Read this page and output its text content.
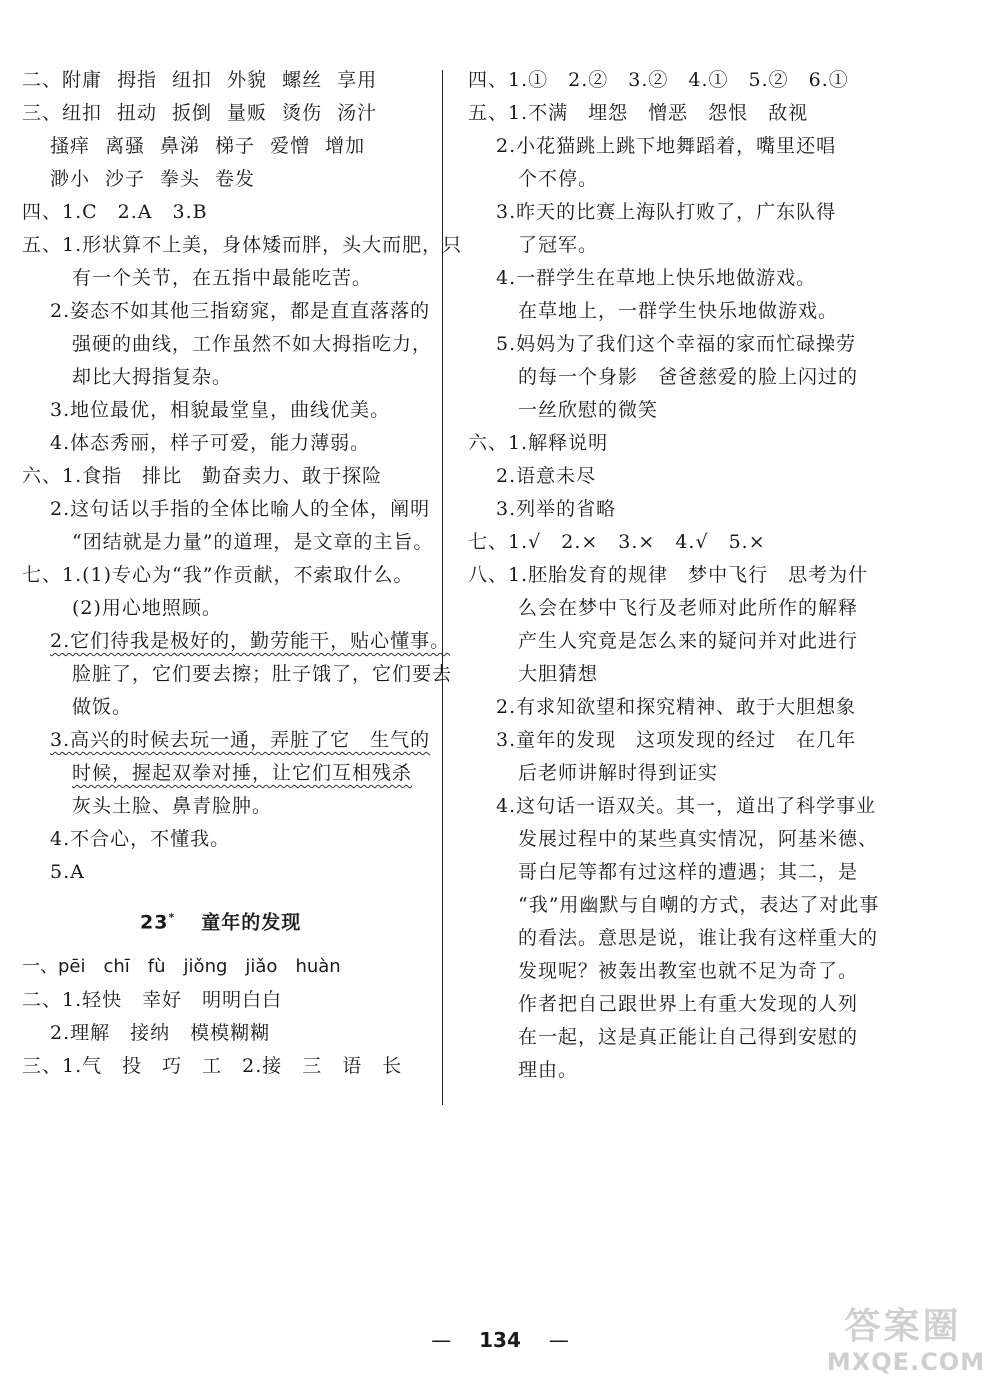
二、附庸 拇指 纽扣 外貌 螺丝 享用
三、纽扣 扭动 扳倒 量贩 烫伤 汤汁
搔痒 离骚 鼻涕 梯子 爱憎 增加
渺小 沙子 拳头 卷发
四、1.C　2.A　3.B
五、1.形状算不上美，身体矮而胖，头大而肥，只
有一个关节，在五指中最能吃苦。
2.姿态不如其他三指窈窕，都是直直落落的
强硬的曲线，工作虽然不如大拇指吃力，
却比大拇指复杂。
3.地位最优，相貌最堂皇，曲线优美。
4.体态秀丽，样子可爱，能力薄弱。
六、1.食指　排比　勤奋卖力、敢于探险
2.这句话以手指的全体比喻人的全体，阐明
“团结就是力量”的道理，是文章的主旨。
七、1.(1)专心为“我”作贡献，不索取什么。
(2)用心地照顾。
2.它们待我是极好的，勤劳能干，贴心懂事。
脸脏了，它们要去擦；肚子饿了，它们要去
做饭。
3.高兴的时候去玩一通，弄脏了它　生气的
时候，握起双拳对捶，让它们互相残杀
灰头土脸、鼻青脸肿。
4.不合心，不懂我。
5.A
23* 童年的发现
一、pēi　chī　fù　jiǒng　jiǎo　huàn
二、1.轻快　幸好　明明白白
2.理解　接纳　模模糊糊
三、1.气　投　巧　工　2.接　三　语　长
四、1.①　2.②　3.②　4.①　5.②　6.①
五、1.不满　埋怨　憎恶　怨恨　敌视
2.小花猫跳上跳下地舞蹈着，嘴里还唱
个不停。
3.昨天的比赛上海队打败了，广东队得
了冠军。
4.一群学生在草地上快乐地做游戏。
在草地上，一群学生快乐地做游戏。
5.妈妈为了我们这个幸福的家而忙碌操劳
的每一个身影　爸爸慈爱的脸上闪过的
一丝欣慰的微笑
六、1.解释说明
2.语意未尽
3.列举的省略
七、1.√　2.×　3.×　4.√　5.×
八、1.胚胎发育的规律　梦中飞行　思考为什
么会在梦中飞行及老师对此所作的解释
产生人究竟是怎么来的疑问并对此进行
大胆猜想
2.有求知欲望和探究精神、敢于大胆想象
3.童年的发现　这项发现的经过　在几年
后老师讲解时得到证实
4.这句话一语双关。其一，道出了科学事业
发展过程中的某些真实情况，阿基米德、
哥白尼等都有过这样的遭遇；其二，是
“我”用幽默与自嘲的方式，表达了对此事
的看法。意思是说，谁让我有这样重大的
发现呢？被轰出教室也就不足为奇了。
作者把自己跟世界上有重大发现的人列
在一起，这是真正能让自己得到安慰的
理由。
— 134 —	答案圈
MXQE.COM
